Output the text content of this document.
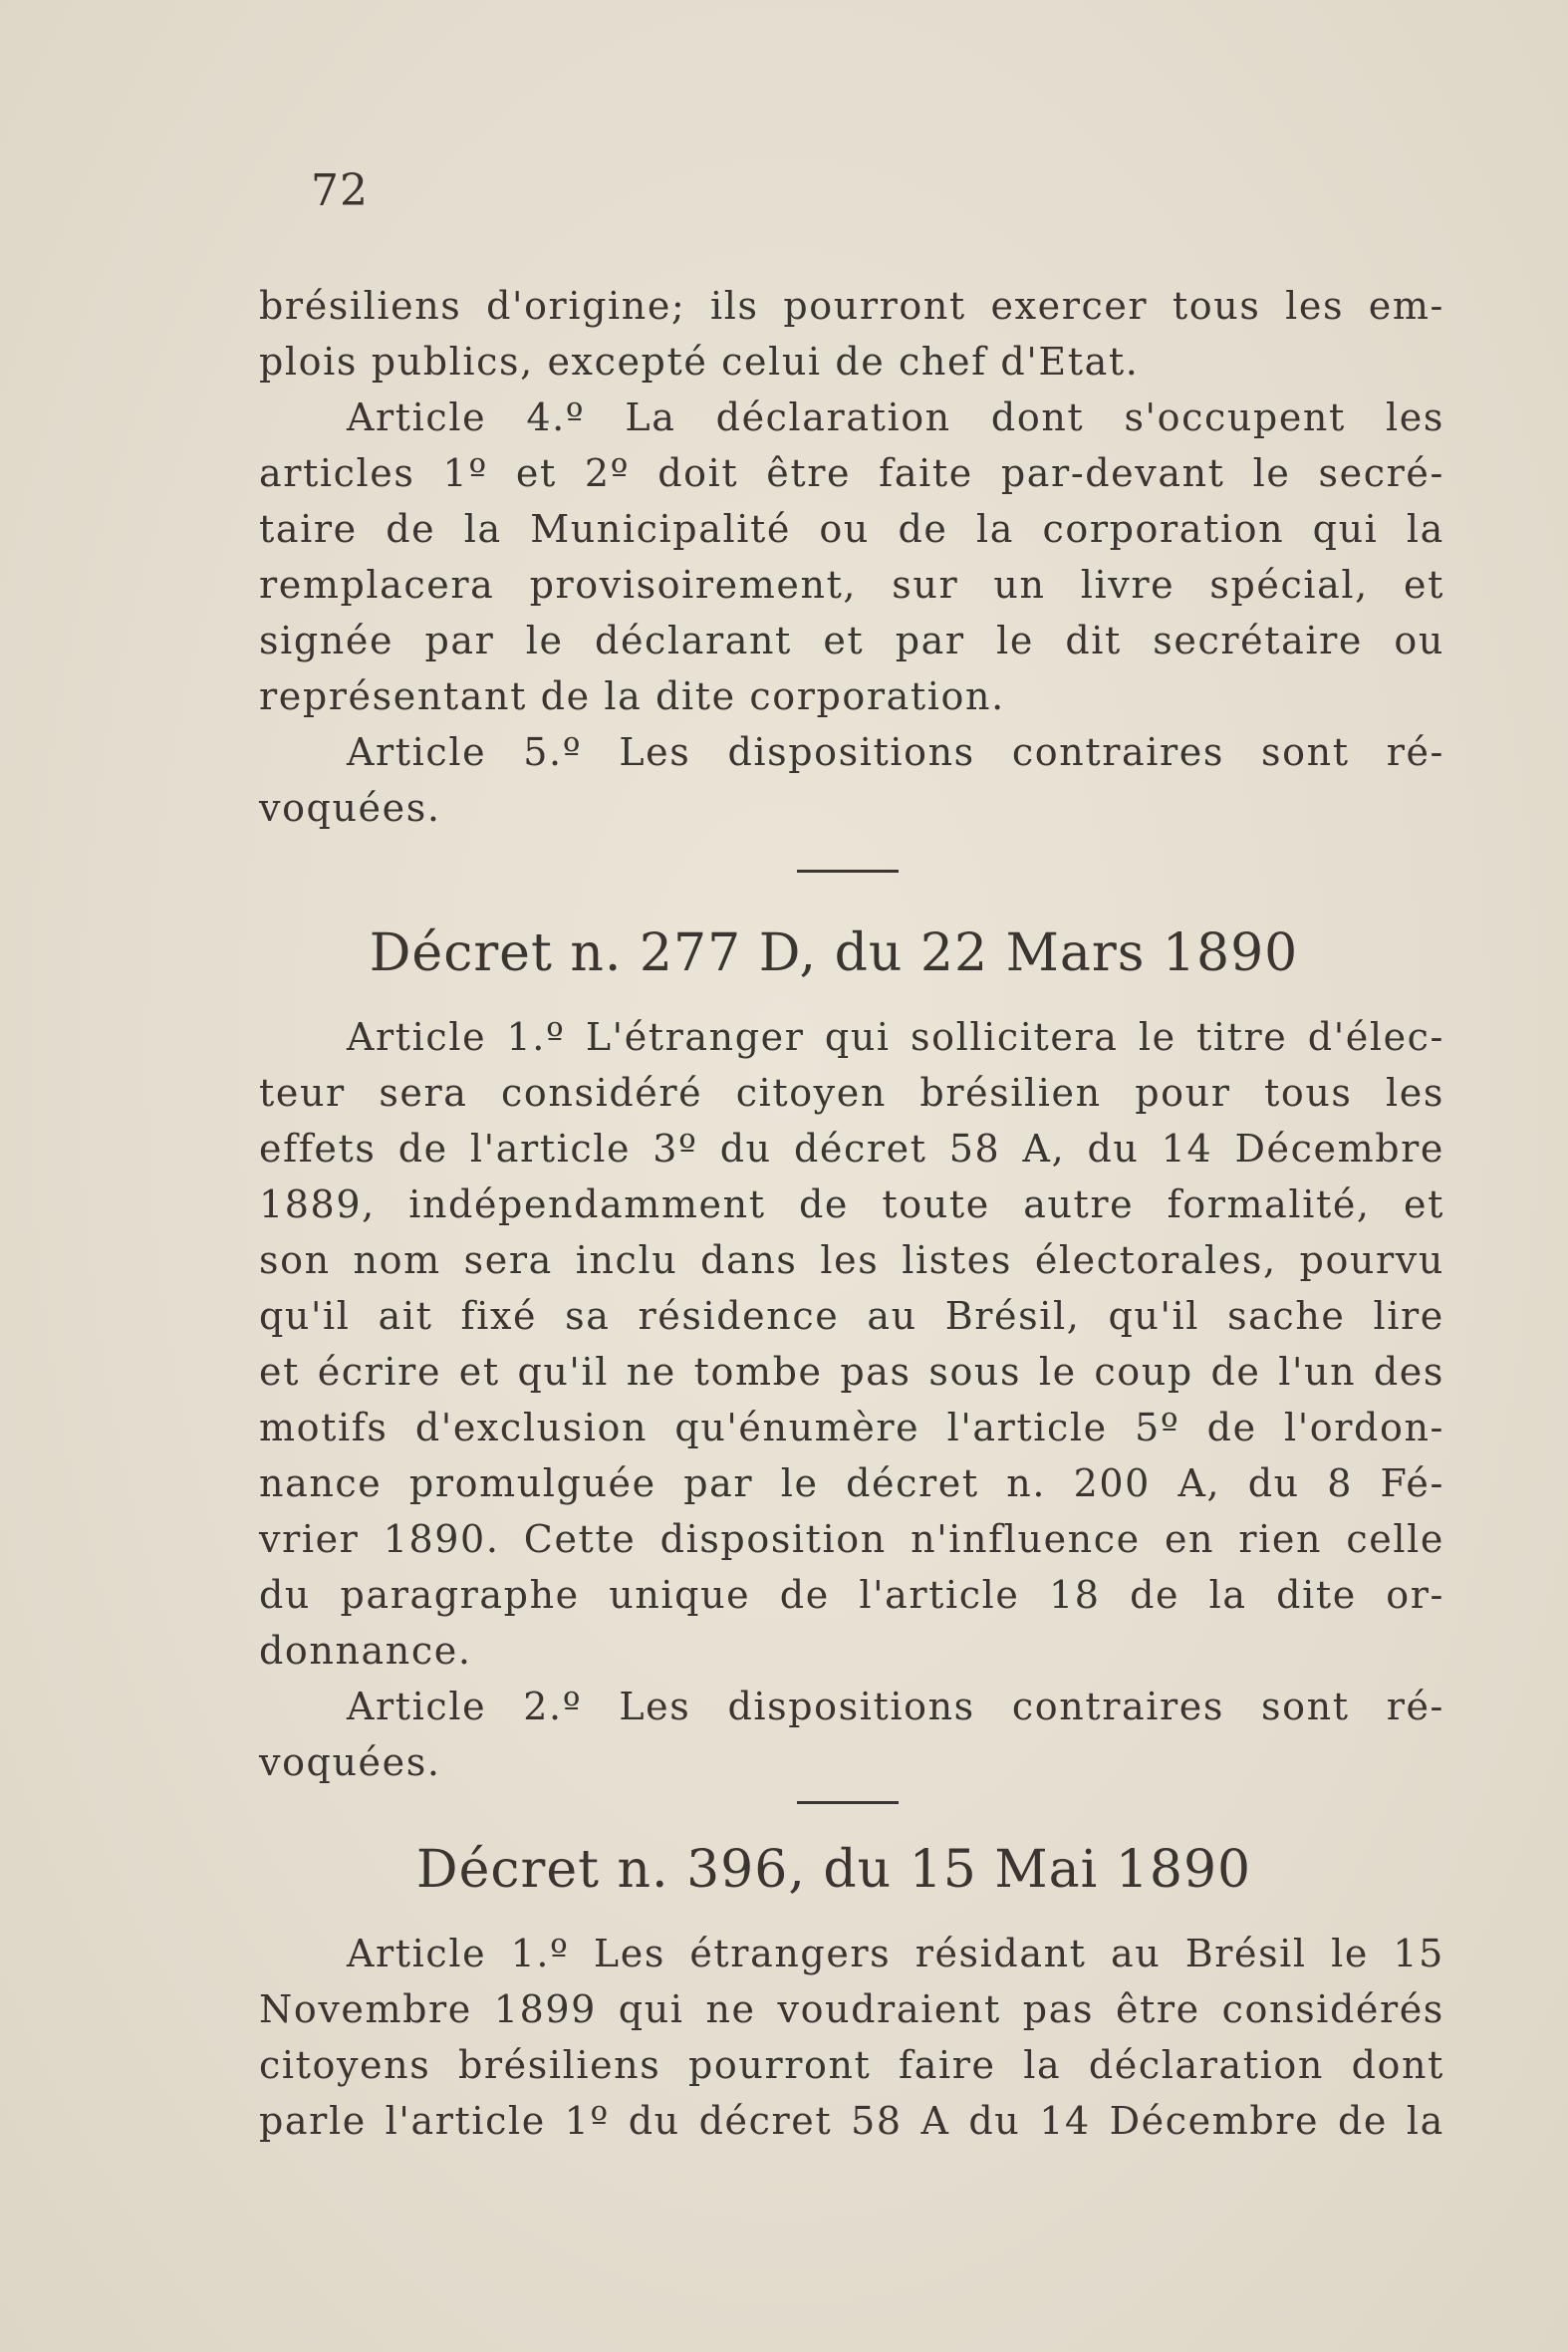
72
brésiliens d'origine; ils pourront exercer tous les em-
plois publics, excepté celui de chef d'Etat.
Article 4.º La déclaration dont s'occupent les
articles 1º et 2º doit être faite par-devant le secré-
taire de la Municipalité ou de la corporation qui la
remplacera provisoirement, sur un livre spécial, et
signée par le déclarant et par le dit secrétaire ou
représentant de la dite corporation.
Article 5.º Les dispositions contraires sont ré-
voquées.
Décret n. 277 D, du 22 Mars 1890
Article 1.º L'étranger qui sollicitera le titre d'élec-
teur sera considéré citoyen brésilien pour tous les
effets de l'article 3º du décret 58 A, du 14 Décembre
1889, indépendamment de toute autre formalité, et
son nom sera inclu dans les listes électorales, pourvu
qu'il ait fixé sa résidence au Brésil, qu'il sache lire
et écrire et qu'il ne tombe pas sous le coup de l'un des
motifs d'exclusion qu'énumère l'article 5º de l'ordon-
nance promulguée par le décret n. 200 A, du 8 Fé-
vrier 1890. Cette disposition n'influence en rien celle
du paragraphe unique de l'article 18 de la dite or-
donnance.
Article 2.º Les dispositions contraires sont ré-
voquées.
Décret n. 396, du 15 Mai 1890
Article 1.º Les étrangers résidant au Brésil le 15
Novembre 1899 qui ne voudraient pas être considérés
citoyens brésiliens pourront faire la déclaration dont
parle l'article 1º du décret 58 A du 14 Décembre de la
